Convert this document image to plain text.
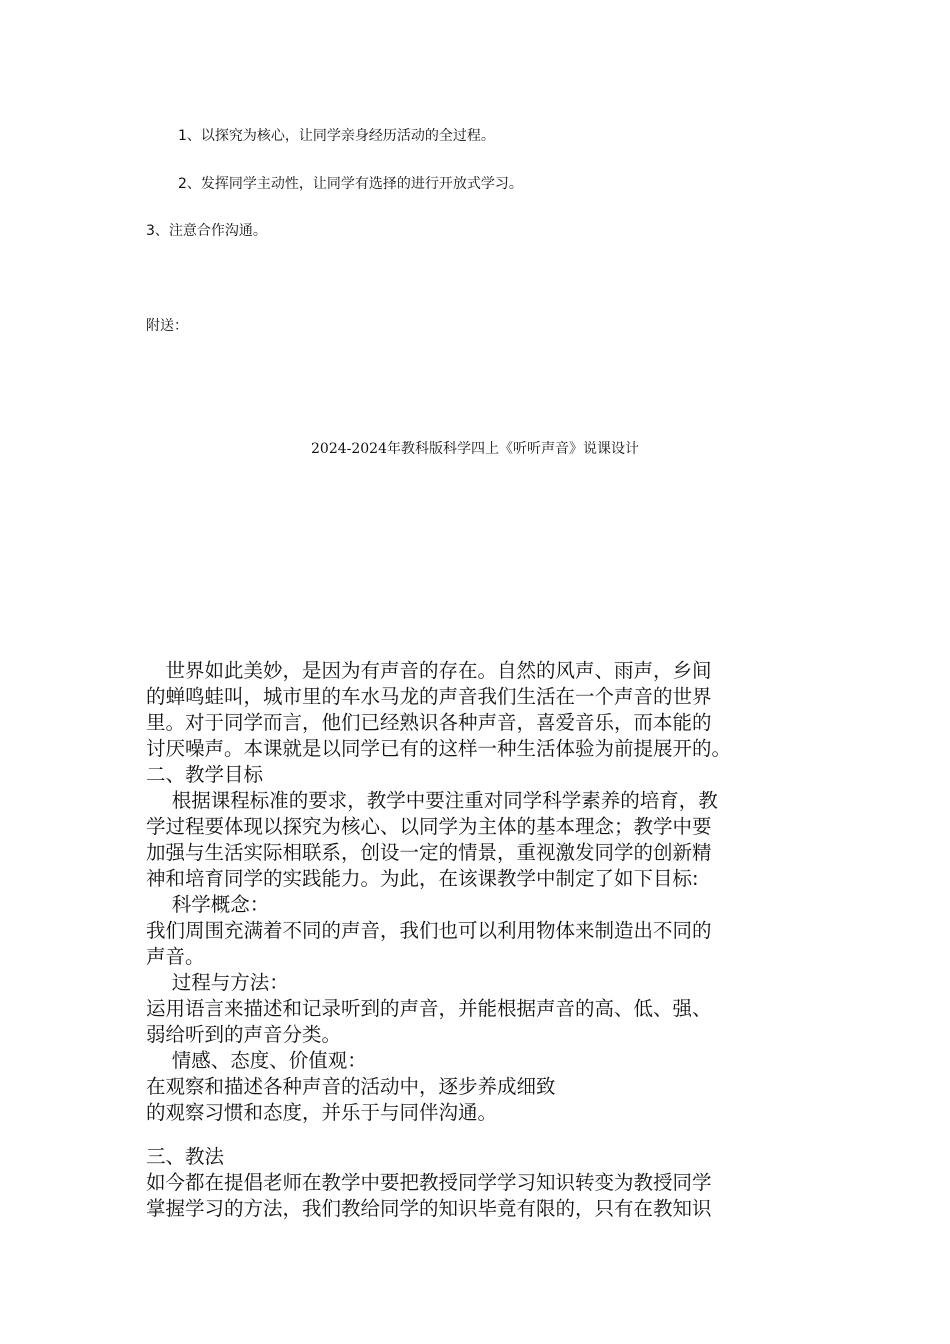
1、以探究为核心，让同学亲身经历活动的全过程。
2、发挥同学主动性，让同学有选择的进行开放式学习。
3、注意合作沟通。
附送：
2024-2024年教科版科学四上《听听声音》说课设计
　世界如此美妙，是因为有声音的存在。自然的风声、雨声，乡间
的蝉鸣蛙叫，城市里的车水马龙的声音我们生活在一个声音的世界
里。对于同学而言，他们已经熟识各种声音，喜爱音乐，而本能的
讨厌噪声。本课就是以同学已有的这样一种生活体验为前提展开的。
二、教学目标
　 根据课程标准的要求，教学中要注重对同学科学素养的培育，教
学过程要体现以探究为核心、以同学为主体的基本理念；教学中要
加强与生活实际相联系，创设一定的情景，重视激发同学的创新精
神和培育同学的实践能力。为此，在该课教学中制定了如下目标:
　 科学概念：
我们周围充满着不同的声音，我们也可以利用物体来制造出不同的
声音。
　 过程与方法：
运用语言来描述和记录听到的声音，并能根据声音的高、低、强、
弱给听到的声音分类。
　 情感、态度、价值观：
在观察和描述各种声音的活动中，逐步养成细致
的观察习惯和态度，并乐于与同伴沟通。
三、教法
如今都在提倡老师在教学中要把教授同学学习知识转变为教授同学
掌握学习的方法，我们教给同学的知识毕竟有限的，只有在教知识
